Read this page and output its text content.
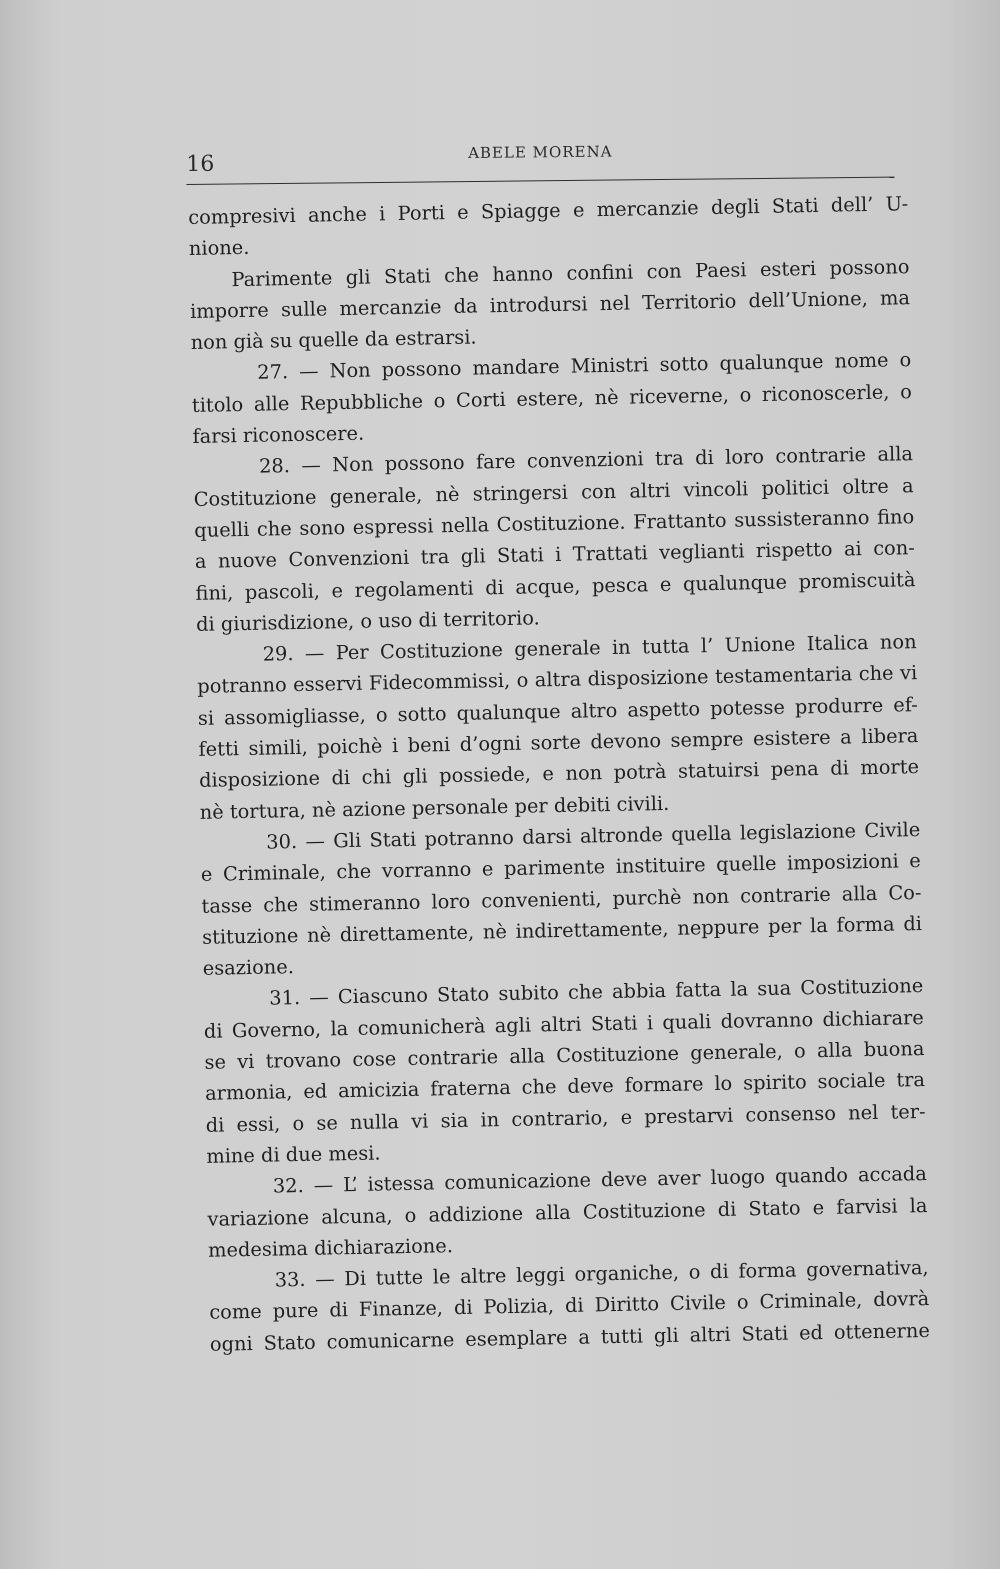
16	ABELE MORENA
compresivi anche i Porti e Spiagge e mercanzie degli Stati dell’ U-
nione.
Parimente gli Stati che hanno confini con Paesi esteri possono
imporre sulle mercanzie da introdursi nel Territorio dell’Unione, ma
non già su quelle da estrarsi.
27. — Non possono mandare Ministri sotto qualunque nome o
titolo alle Repubbliche o Corti estere, nè riceverne, o riconoscerle, o
farsi riconoscere.
28. — Non possono fare convenzioni tra di loro contrarie alla
Costituzione generale, nè stringersi con altri vincoli politici oltre a
quelli che sono espressi nella Costituzione. Frattanto sussisteranno fino
a nuove Convenzioni tra gli Stati i Trattati veglianti rispetto ai con-
fini, pascoli, e regolamenti di acque, pesca e qualunque promiscuità
di giurisdizione, o uso di territorio.
29. — Per Costituzione generale in tutta l’ Unione Italica non
potranno esservi Fidecommissi, o altra disposizione testamentaria che vi
si assomigliasse, o sotto qualunque altro aspetto potesse produrre ef-
fetti simili, poichè i beni d’ogni sorte devono sempre esistere a libera
disposizione di chi gli possiede, e non potrà statuirsi pena di morte
nè tortura, nè azione personale per debiti civili.
30. — Gli Stati potranno darsi altronde quella legislazione Civile
e Criminale, che vorranno e parimente instituire quelle imposizioni e
tasse che stimeranno loro convenienti, purchè non contrarie alla Co-
stituzione nè direttamente, nè indirettamente, neppure per la forma di
esazione.
31. — Ciascuno Stato subito che abbia fatta la sua Costituzione
di Governo, la comunicherà agli altri Stati i quali dovranno dichiarare
se vi trovano cose contrarie alla Costituzione generale, o alla buona
armonia, ed amicizia fraterna che deve formare lo spirito sociale tra
di essi, o se nulla vi sia in contrario, e prestarvi consenso nel ter-
mine di due mesi.
32. — L’ istessa comunicazione deve aver luogo quando accada
variazione alcuna, o addizione alla Costituzione di Stato e farvisi la
medesima dichiarazione.
33. — Di tutte le altre leggi organiche, o di forma governativa,
come pure di Finanze, di Polizia, di Diritto Civile o Criminale, dovrà
ogni Stato comunicarne esemplare a tutti gli altri Stati ed ottenerne
